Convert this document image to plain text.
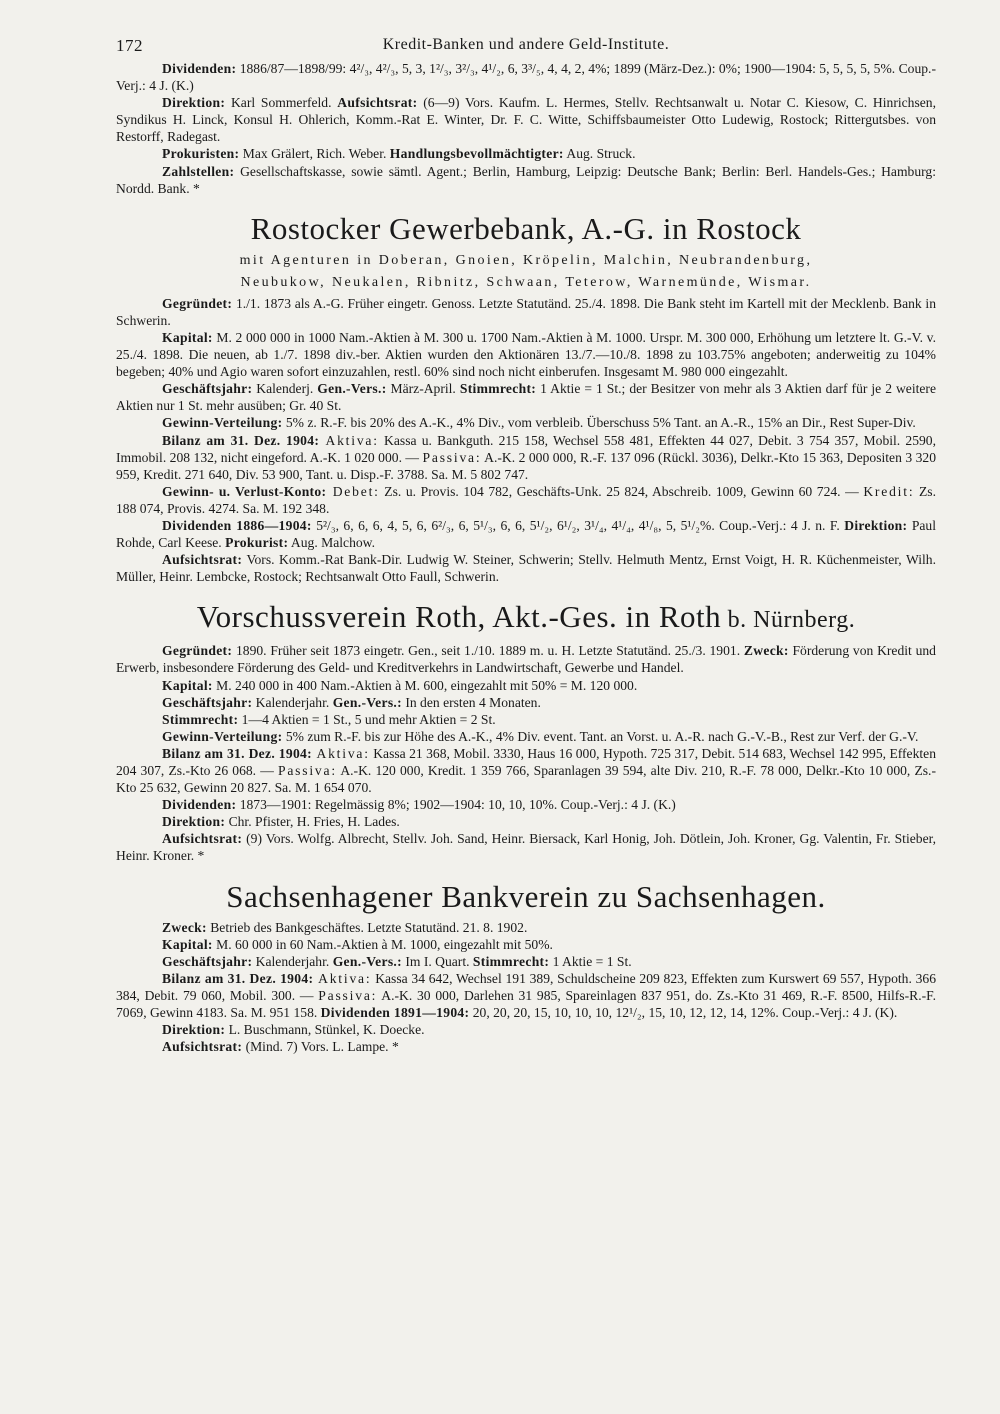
172	Kredit-Banken und andere Geld-Institute.

Dividenden: 1886/87—1898/99: 4²/₃, 4²/₃, 5, 3, 1²/₃, 3²/₃, 4¹/₂, 6, 3³/₅, 4, 4, 2, 4%; 1899 (März-Dez.): 0%; 1900—1904: 5, 5, 5, 5, 5%. Coup.-Verj.: 4 J. (K.)

Direktion: Karl Sommerfeld. Aufsichtsrat: (6—9) Vors. Kaufm. L. Hermes, Stellv. Rechtsanwalt u. Notar C. Kiesow, C. Hinrichsen, Syndikus H. Linck, Konsul H. Ohlerich, Komm.-Rat E. Winter, Dr. F. C. Witte, Schiffsbaumeister Otto Ludewig, Rostock; Rittergutsbes. von Restorff, Radegast.

Prokuristen: Max Grälert, Rich. Weber. Handlungsbevollmächtigter: Aug. Struck.

Zahlstellen: Gesellschaftskasse, sowie sämtl. Agent.; Berlin, Hamburg, Leipzig: Deutsche Bank; Berlin: Berl. Handels-Ges.; Hamburg: Nordd. Bank. *

Rostocker Gewerbebank, A.-G. in Rostock
mit Agenturen in Doberan, Gnoien, Kröpelin, Malchin, Neubrandenburg,
Neubukow, Neukalen, Ribnitz, Schwaan, Teterow, Warnemünde, Wismar.

Gegründet: 1./1. 1873 als A.-G. Früher eingetr. Genoss. Letzte Statutänd. 25./4. 1898. Die Bank steht im Kartell mit der Mecklenb. Bank in Schwerin.

Kapital: M. 2 000 000 in 1000 Nam.-Aktien à M. 300 u. 1700 Nam.-Aktien à M. 1000. Urspr. M. 300 000, Erhöhung um letztere lt. G.-V. v. 25./4. 1898. Die neuen, ab 1./7. 1898 div.-ber. Aktien wurden den Aktionären 13./7.—10./8. 1898 zu 103.75% angeboten; anderweitig zu 104% begeben; 40% und Agio waren sofort einzuzahlen, restl. 60% sind noch nicht einberufen. Insgesamt M. 980 000 eingezahlt.

Geschäftsjahr: Kalenderj. Gen.-Vers.: März-April. Stimmrecht: 1 Aktie = 1 St.; der Besitzer von mehr als 3 Aktien darf für je 2 weitere Aktien nur 1 St. mehr ausüben; Gr. 40 St.

Gewinn-Verteilung: 5% z. R.-F. bis 20% des A.-K., 4% Div., vom verbleib. Überschuss 5% Tant. an A.-R., 15% an Dir., Rest Super-Div.

Bilanz am 31. Dez. 1904: Aktiva: Kassa u. Bankguth. 215 158, Wechsel 558 481, Effekten 44 027, Debit. 3 754 357, Mobil. 2590, Immobil. 208 132, nicht eingeford. A.-K. 1 020 000. — Passiva: A.-K. 2 000 000, R.-F. 137 096 (Rückl. 3036), Delkr.-Kto 15 363, Depositen 3 320 959, Kredit. 271 640, Div. 53 900, Tant. u. Disp.-F. 3788. Sa. M. 5 802 747.

Gewinn- u. Verlust-Konto: Debet: Zs. u. Provis. 104 782, Geschäfts-Unk. 25 824, Abschreib. 1009, Gewinn 60 724. — Kredit: Zs. 188 074, Provis. 4274. Sa. M. 192 348.

Dividenden 1886—1904: 5²/₃, 6, 6, 6, 4, 5, 6, 6²/₃, 6, 5¹/₃, 6, 6, 5¹/₂, 6¹/₂, 3¹/₄, 4¹/₄, 4¹/₈, 5, 5¹/₂%. Coup.-Verj.: 4 J. n. F. Direktion: Paul Rohde, Carl Keese. Prokurist: Aug. Malchow.

Aufsichtsrat: Vors. Komm.-Rat Bank-Dir. Ludwig W. Steiner, Schwerin; Stellv. Helmuth Mentz, Ernst Voigt, H. R. Küchenmeister, Wilh. Müller, Heinr. Lembcke, Rostock; Rechtsanwalt Otto Faull, Schwerin.

Vorschussverein Roth, Akt.-Ges. in Roth b. Nürnberg.

Gegründet: 1890. Früher seit 1873 eingetr. Gen., seit 1./10. 1889 m. u. H. Letzte Statutänd. 25./3. 1901. Zweck: Förderung von Kredit und Erwerb, insbesondere Förderung des Geld- und Kreditverkehrs in Landwirtschaft, Gewerbe und Handel.

Kapital: M. 240 000 in 400 Nam.-Aktien à M. 600, eingezahlt mit 50% = M. 120 000.

Geschäftsjahr: Kalenderjahr. Gen.-Vers.: In den ersten 4 Monaten.

Stimmrecht: 1—4 Aktien = 1 St., 5 und mehr Aktien = 2 St.

Gewinn-Verteilung: 5% zum R.-F. bis zur Höhe des A.-K., 4% Div. event. Tant. an Vorst. u. A.-R. nach G.-V.-B., Rest zur Verf. der G.-V.

Bilanz am 31. Dez. 1904: Aktiva: Kassa 21 368, Mobil. 3330, Haus 16 000, Hypoth. 725 317, Debit. 514 683, Wechsel 142 995, Effekten 204 307, Zs.-Kto 26 068. — Passiva: A.-K. 120 000, Kredit. 1 359 766, Sparanlagen 39 594, alte Div. 210, R.-F. 78 000, Delkr.-Kto 10 000, Zs.-Kto 25 632, Gewinn 20 827. Sa. M. 1 654 070.

Dividenden: 1873—1901: Regelmässig 8%; 1902—1904: 10, 10, 10%. Coup.-Verj.: 4 J. (K.)

Direktion: Chr. Pfister, H. Fries, H. Lades.

Aufsichtsrat: (9) Vors. Wolfg. Albrecht, Stellv. Joh. Sand, Heinr. Biersack, Karl Honig, Joh. Dötlein, Joh. Kroner, Gg. Valentin, Fr. Stieber, Heinr. Kroner. *

Sachsenhagener Bankverein zu Sachsenhagen.

Zweck: Betrieb des Bankgeschäftes. Letzte Statutänd. 21. 8. 1902.

Kapital: M. 60 000 in 60 Nam.-Aktien à M. 1000, eingezahlt mit 50%.

Geschäftsjahr: Kalenderjahr. Gen.-Vers.: Im I. Quart. Stimmrecht: 1 Aktie = 1 St.

Bilanz am 31. Dez. 1904: Aktiva: Kassa 34 642, Wechsel 191 389, Schuldscheine 209 823, Effekten zum Kurswert 69 557, Hypoth. 366 384, Debit. 79 060, Mobil. 300. — Passiva: A.-K. 30 000, Darlehen 31 985, Spareinlagen 837 951, do. Zs.-Kto 31 469, R.-F. 8500, Hilfs-R.-F. 7069, Gewinn 4183. Sa. M. 951 158. Dividenden 1891—1904: 20, 20, 20, 15, 10, 10, 10, 12¹/₂, 15, 10, 12, 12, 14, 12%. Coup.-Verj.: 4 J. (K).

Direktion: L. Buschmann, Stünkel, K. Doecke.

Aufsichtsrat: (Mind. 7) Vors. L. Lampe. *
